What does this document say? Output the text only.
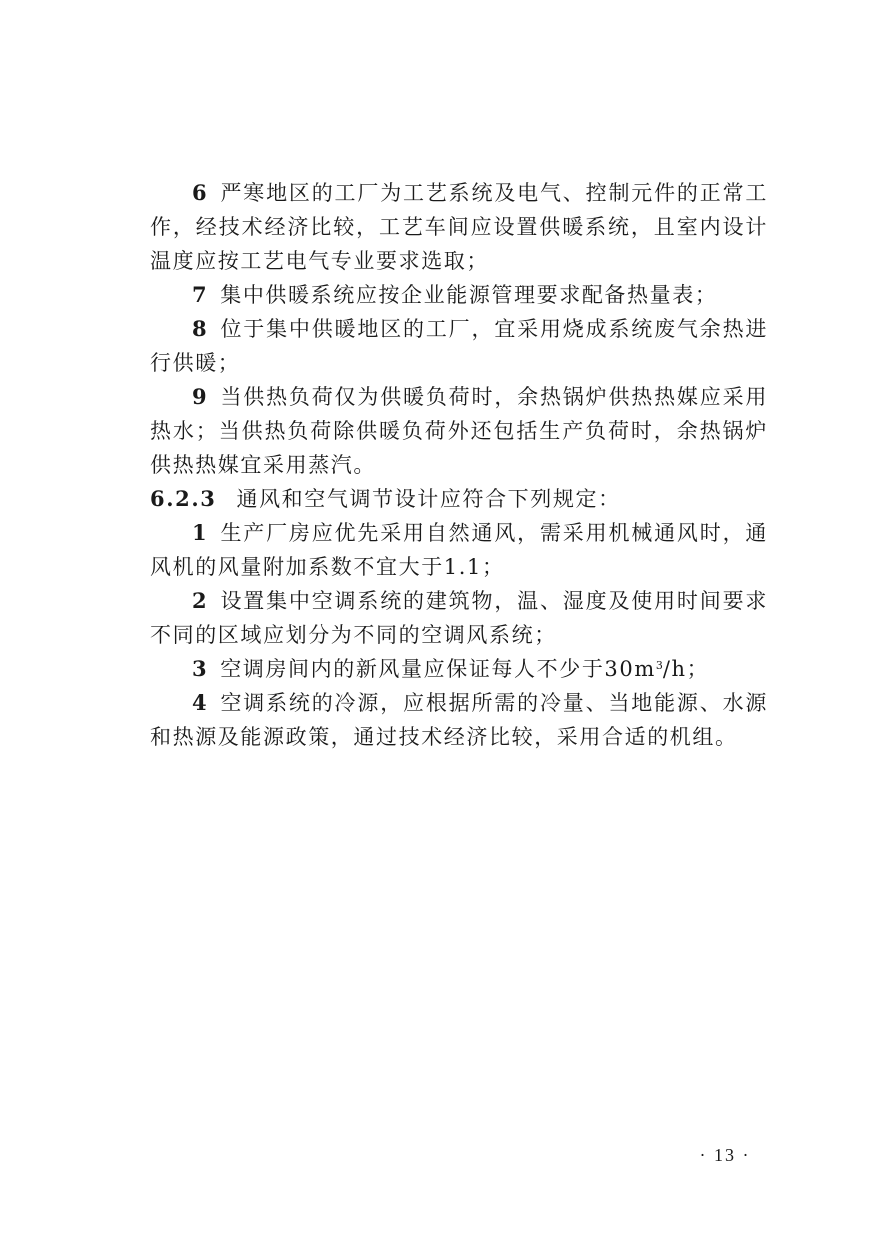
6 严寒地区的工厂为工艺系统及电气、控制元件的正常工作，经技术经济比较，工艺车间应设置供暖系统，且室内设计温度应按工艺电气专业要求选取；

7 集中供暖系统应按企业能源管理要求配备热量表；

8 位于集中供暖地区的工厂，宜采用烧成系统废气余热进行供暖；

9 当供热负荷仅为供暖负荷时，余热锅炉供热热媒应采用热水；当供热负荷除供暖负荷外还包括生产负荷时，余热锅炉供热热媒宜采用蒸汽。

6.2.3 通风和空气调节设计应符合下列规定：

1 生产厂房应优先采用自然通风，需采用机械通风时，通风机的风量附加系数不宜大于1.1；

2 设置集中空调系统的建筑物，温、湿度及使用时间要求不同的区域应划分为不同的空调风系统；

3 空调房间内的新风量应保证每人不少于$30m^3/h$；

4 空调系统的冷源，应根据所需的冷量、当地能源、水源和热源及能源政策，通过技术经济比较，采用合适的机组。

· 13 ·
